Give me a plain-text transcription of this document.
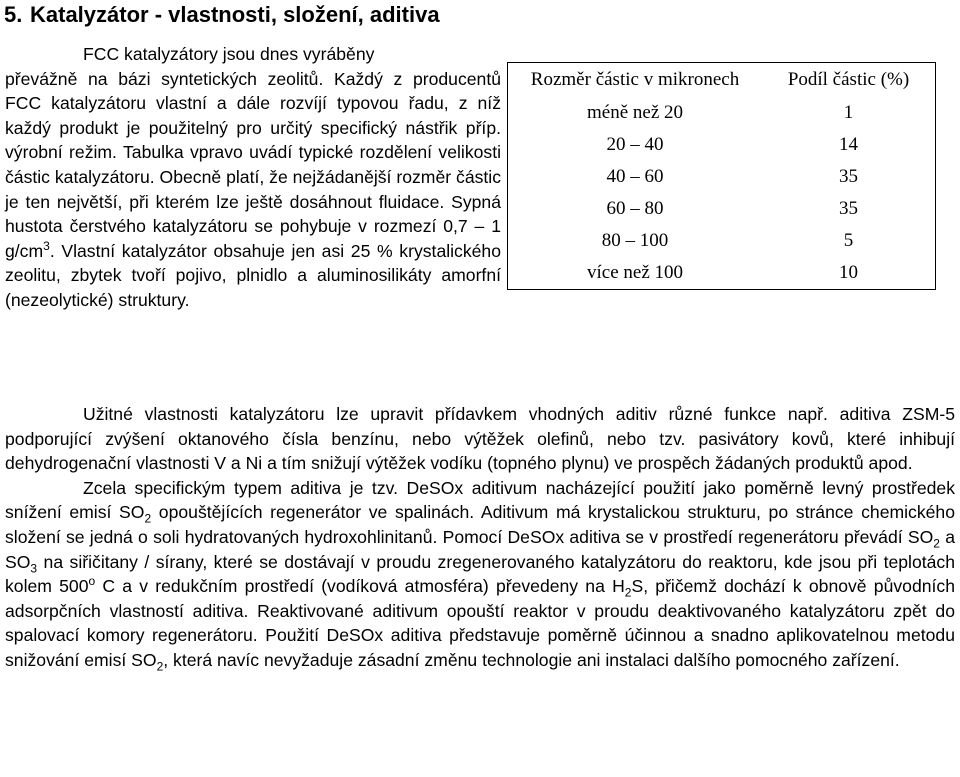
5. Katalyzátor - vlastnosti, složení, aditiva
FCC katalyzátory jsou dnes vyráběny
převážně na bázi syntetických zeolitů. Každý z producentů FCC katalyzátoru vlastní a dále rozvíjí typovou řadu, z níž každý produkt je použitelný pro určitý specifický nástřik příp. výrobní režim. Tabulka vpravo uvádí typické rozdělení velikosti částic katalyzátoru. Obecně platí, že nejžádanější rozměr částic je ten největší, při kterém lze ještě dosáhnout fluidace. Sypná hustota čerstvého katalyzátoru se pohybuje v rozmezí 0,7 – 1 $g/cm^3$. Vlastní katalyzátor obsahuje jen asi 25 % krystalického zeolitu, zbytek tvoří pojivo, plnidlo a aluminosilikáty amorfní (nezeolytické) struktury.
Rozměr částic v mikronech	Podíl částic (%)
méně než 20	1
20 – 40	14
40 – 60	35
60 – 80	35
80 – 100	5
více než 100	10

Užitné vlastnosti katalyzátoru lze upravit přídavkem vhodných aditiv různé funkce např. aditiva ZSM-5 podporující zvýšení oktanového čísla benzínu, nebo výtěžek olefinů, nebo tzv. pasivátory kovů, které inhibují dehydrogenační vlastnosti V a Ni a tím snižují výtěžek vodíku (topného plynu) ve prospěch žádaných produktů apod.

Zcela specifickým typem aditiva je tzv. DeSOx aditivum nacházející použití jako poměrně levný prostředek snížení emisí $SO_2$ opouštějících regenerátor ve spalinách. Aditivum má krystalickou strukturu, po stránce chemického složení se jedná o soli hydratovaných hydroxohlinitanů. Pomocí DeSOx aditiva se v prostředí regenerátoru převádí $SO_2$ a $SO_3$ na siřičitany / sírany, které se dostávají v proudu zregenerovaného katalyzátoru do reaktoru, kde jsou při teplotách kolem 500$^o$ C a v redukčním prostředí (vodíková atmosféra) převedeny na $H_2S$, přičemž dochází k obnově původních adsorpčních vlastností aditiva. Reaktivované aditivum opouští reaktor v proudu deaktivovaného katalyzátoru zpět do spalovací komory regenerátoru. Použití DeSOx aditiva představuje poměrně účinnou a snadno aplikovatelnou metodu snižování emisí $SO_2$, která navíc nevyžaduje zásadní změnu technologie ani instalaci dalšího pomocného zařízení.
